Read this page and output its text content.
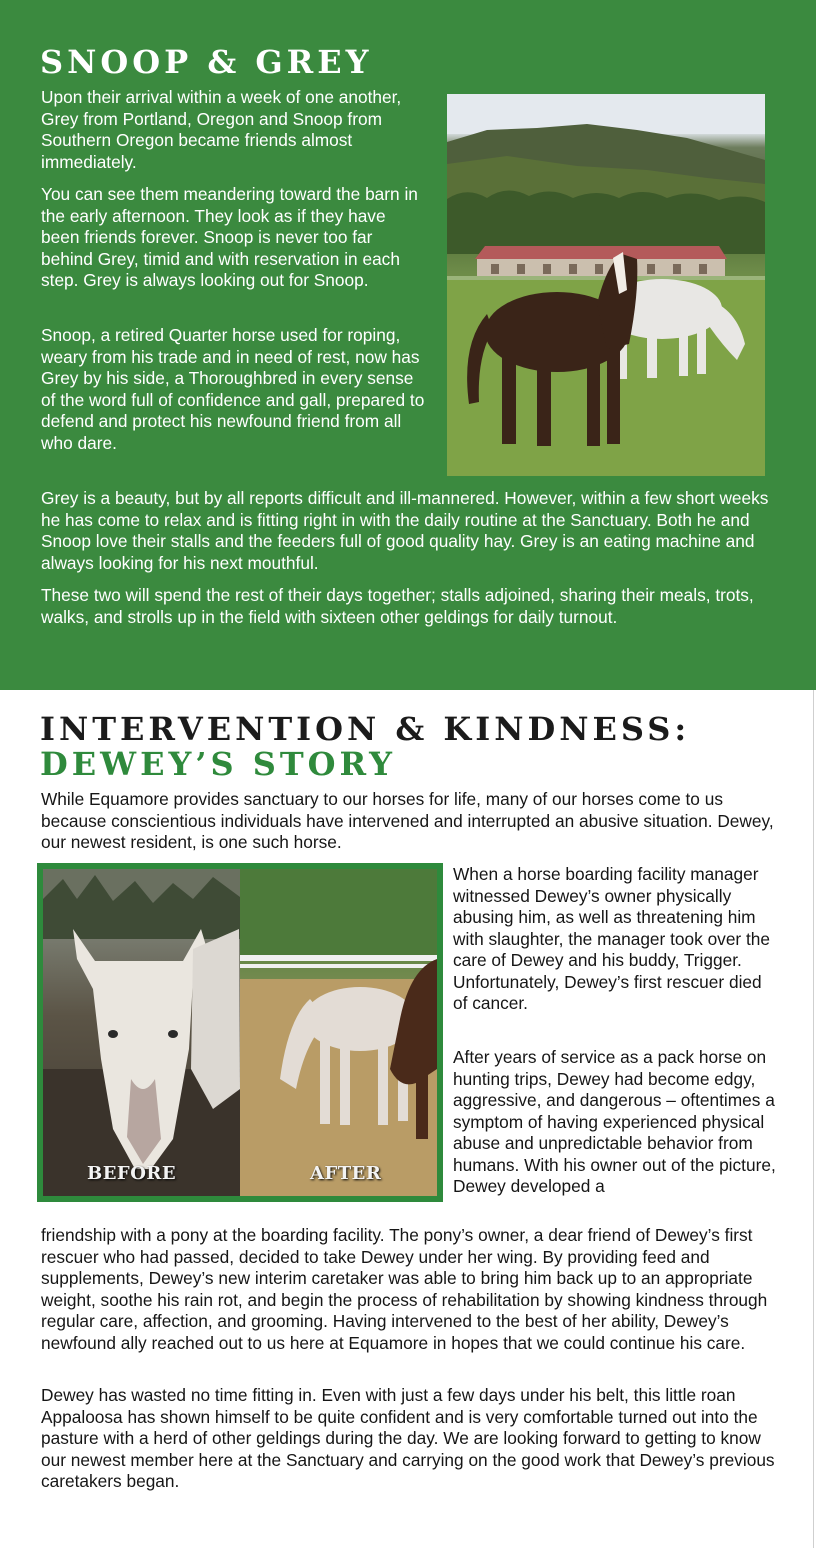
SNOOP & GREY

Upon their arrival within a week of one another, Grey from Portland, Oregon and Snoop from Southern Oregon became friends almost immediately.

You can see them meandering toward the barn in the early afternoon. They look as if they have been friends forever. Snoop is never too far behind Grey, timid and with reservation in each step. Grey is always looking out for Snoop.

Snoop, a retired Quarter horse used for roping, weary from his trade and in need of rest, now has Grey by his side, a Thoroughbred in every sense of the word full of confidence and gall, prepared to defend and protect his newfound friend from all who dare.

Grey is a beauty, but by all reports difficult and ill-mannered. However, within a few short weeks he has come to relax and is fitting right in with the daily routine at the Sanctuary. Both he and Snoop love their stalls and the feeders full of good quality hay. Grey is an eating machine and always looking for his next mouthful.

These two will spend the rest of their days together; stalls adjoined, sharing their meals, trots, walks, and strolls up in the field with sixteen other geldings for daily turnout.

INTERVENTION & KINDNESS:
DEWEY’S STORY

While Equamore provides sanctuary to our horses for life, many of our horses come to us because conscientious individuals have intervened and interrupted an abusive situation. Dewey, our newest resident, is one such horse.

BEFORE	AFTER

When a horse boarding facility manager witnessed Dewey’s owner physically abusing him, as well as threatening him with slaughter, the manager took over the care of Dewey and his buddy, Trigger. Unfortunately, Dewey’s first rescuer died of cancer.

After years of service as a pack horse on hunting trips, Dewey had become edgy, aggressive, and dangerous – oftentimes a symptom of having experienced physical abuse and unpredictable behavior from humans. With his owner out of the picture, Dewey developed a

friendship with a pony at the boarding facility. The pony’s owner, a dear friend of Dewey’s first rescuer who had passed, decided to take Dewey under her wing. By providing feed and supplements, Dewey’s new interim caretaker was able to bring him back up to an appropriate weight, soothe his rain rot, and begin the process of rehabilitation by showing kindness through regular care, affection, and grooming. Having intervened to the best of her ability, Dewey’s newfound ally reached out to us here at Equamore in hopes that we could continue his care.

Dewey has wasted no time fitting in. Even with just a few days under his belt, this little roan Appaloosa has shown himself to be quite confident and is very comfortable turned out into the pasture with a herd of other geldings during the day. We are looking forward to getting to know our newest member here at the Sanctuary and carrying on the good work that Dewey’s previous caretakers began.
